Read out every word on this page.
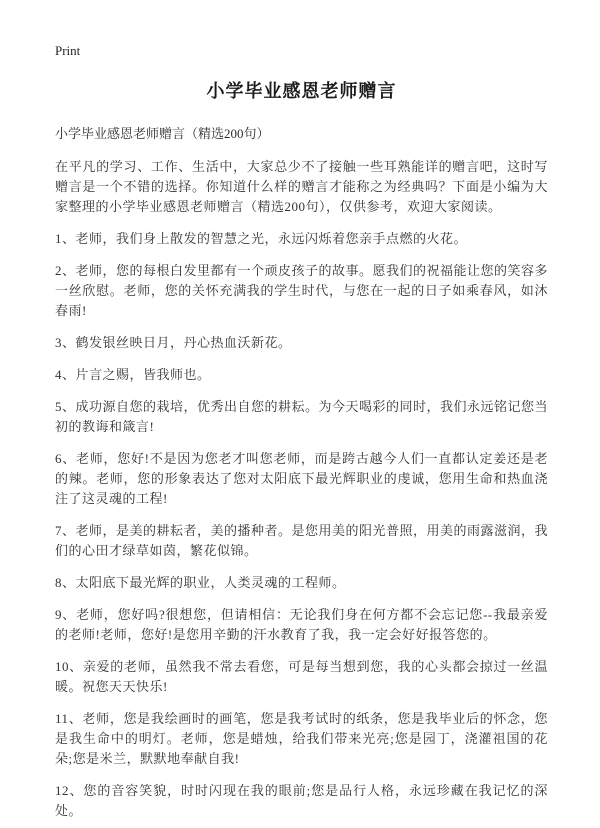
Print
小学毕业感恩老师赠言

小学毕业感恩老师赠言（精选200句）

在平凡的学习、工作、生活中，大家总少不了接触一些耳熟能详的赠言吧，这时写赠言是一个不错的选择。你知道什么样的赠言才能称之为经典吗？下面是小编为大家整理的小学毕业感恩老师赠言（精选200句），仅供参考，欢迎大家阅读。

1、老师，我们身上散发的智慧之光，永远闪烁着您亲手点燃的火花。

2、老师，您的每根白发里都有一个顽皮孩子的故事。愿我们的祝福能让您的笑容多一丝欣慰。老师，您的关怀充满我的学生时代，与您在一起的日子如乘春风，如沐春雨!

3、鹤发银丝映日月，丹心热血沃新花。

4、片言之赐，皆我师也。

5、成功源自您的栽培，优秀出自您的耕耘。为今天喝彩的同时，我们永远铭记您当初的教诲和箴言!

6、老师，您好!不是因为您老才叫您老师，而是跨古越今人们一直都认定姜还是老的辣。老师，您的形象表达了您对太阳底下最光辉职业的虔诚，您用生命和热血浇注了这灵魂的工程!

7、老师，是美的耕耘者，美的播种者。是您用美的阳光普照，用美的雨露滋润，我们的心田才绿草如茵，繁花似锦。

8、太阳底下最光辉的职业，人类灵魂的工程师。

9、老师，您好吗?很想您，但请相信：无论我们身在何方都不会忘记您--我最亲爱的老师!老师，您好!是您用辛勤的汗水教育了我，我一定会好好报答您的。

10、亲爱的老师，虽然我不常去看您，可是每当想到您，我的心头都会掠过一丝温暖。祝您天天快乐!

11、老师，您是我绘画时的画笔，您是我考试时的纸条，您是我毕业后的怀念，您是我生命中的明灯。老师，您是蜡烛，给我们带来光亮;您是园丁，浇灌祖国的花朵;您是米兰，默默地奉献自我!

12、您的音容笑貌，时时闪现在我的眼前;您是品行人格，永远珍藏在我记忆的深处。
